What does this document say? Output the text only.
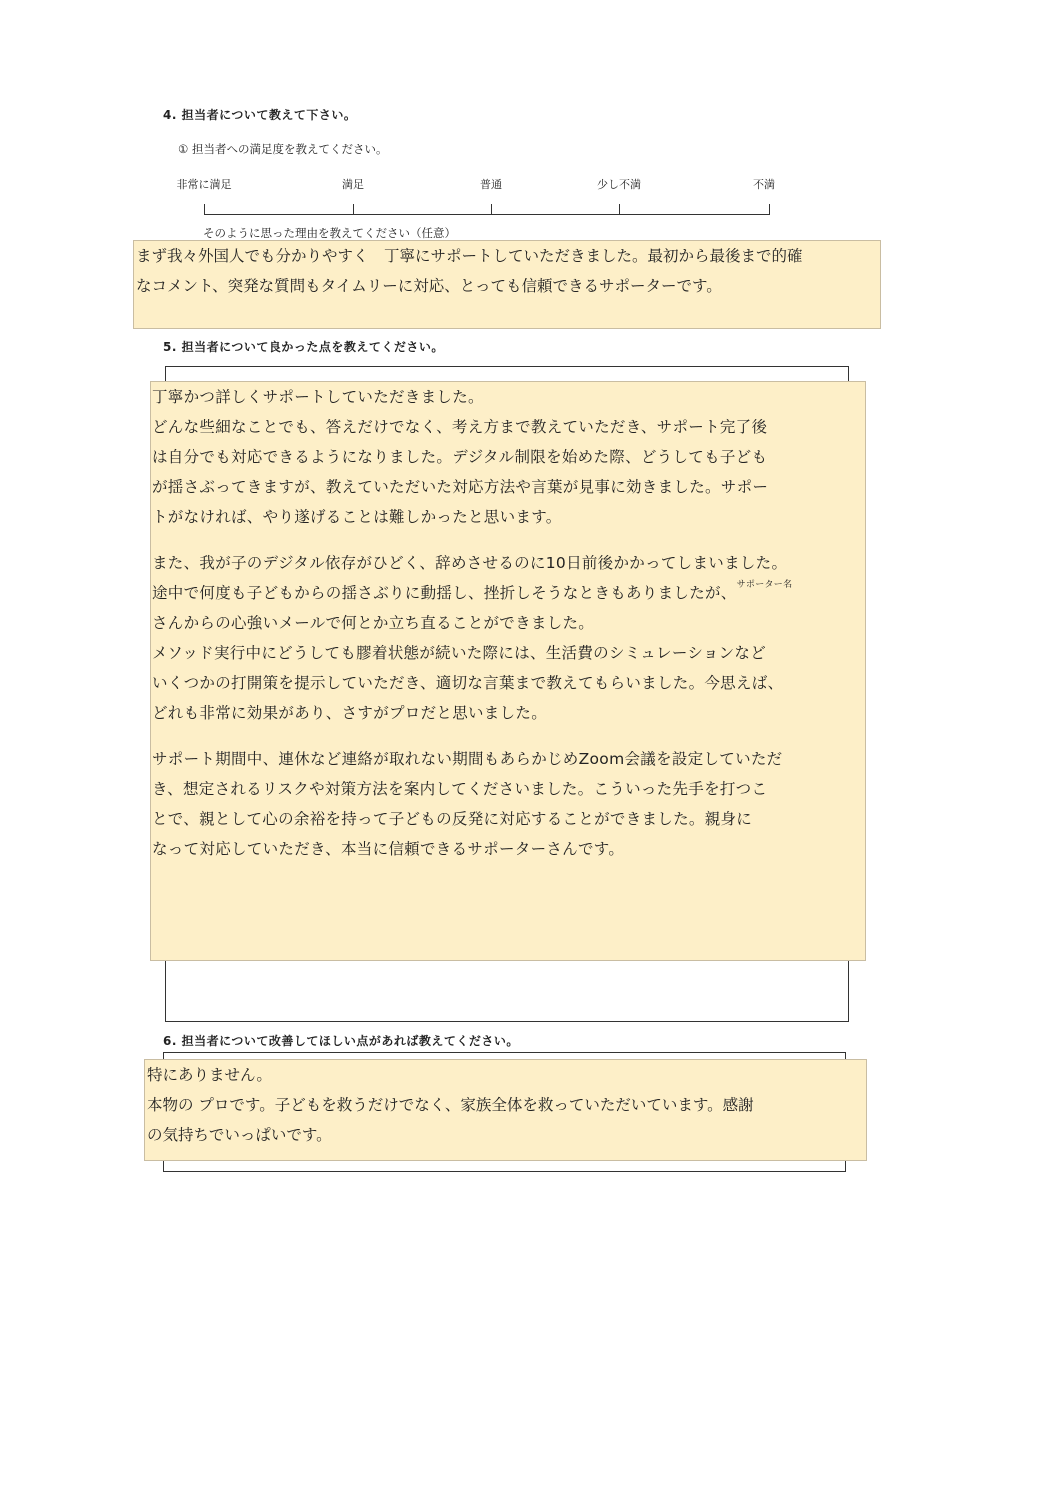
4. 担当者について教えて下さい。
① 担当者への満足度を教えてください。
非常に満足	満足	普通	少し不満	不満
そのように思った理由を教えてください（任意）

まず我々外国人でも分かりやすく　丁寧にサポートしていただきました。最初から最後まで的確

なコメント、突発な質問もタイムリーに対応、とっても信頼できるサポーターです。

5. 担当者について良かった点を教えてください。

丁寧かつ詳しくサポートしていただきました。

どんな些細なことでも、答えだけでなく、考え方まで教えていただき、サポート完了後

は自分でも対応できるようになりました。デジタル制限を始めた際、どうしても子ども

が揺さぶってきますが、教えていただいた対応方法や言葉が見事に効きました。サポー

トがなければ、やり遂げることは難しかったと思います。

また、我が子のデジタル依存がひどく、辞めさせるのに10日前後かかってしまいました。

途中で何度も子どもからの揺さぶりに動揺し、挫折しそうなときもありましたが、$^{サポーター名}$

さんからの心強いメールで何とか立ち直ることができました。

メソッド実行中にどうしても膠着状態が続いた際には、生活費のシミュレーションなど

いくつかの打開策を提示していただき、適切な言葉まで教えてもらいました。今思えば、

どれも非常に効果があり、さすがプロだと思いました。

サポート期間中、連休など連絡が取れない期間もあらかじめZoom会議を設定していただ

き、想定されるリスクや対策方法を案内してくださいました。こういった先手を打つこ

とで、親として心の余裕を持って子どもの反発に対応することができました。親身に

なって対応していただき、本当に信頼できるサポーターさんです。

6. 担当者について改善してほしい点があれば教えてください。

特にありません。

本物の プロです。子どもを救うだけでなく、家族全体を救っていただいています。感謝

の気持ちでいっぱいです。
